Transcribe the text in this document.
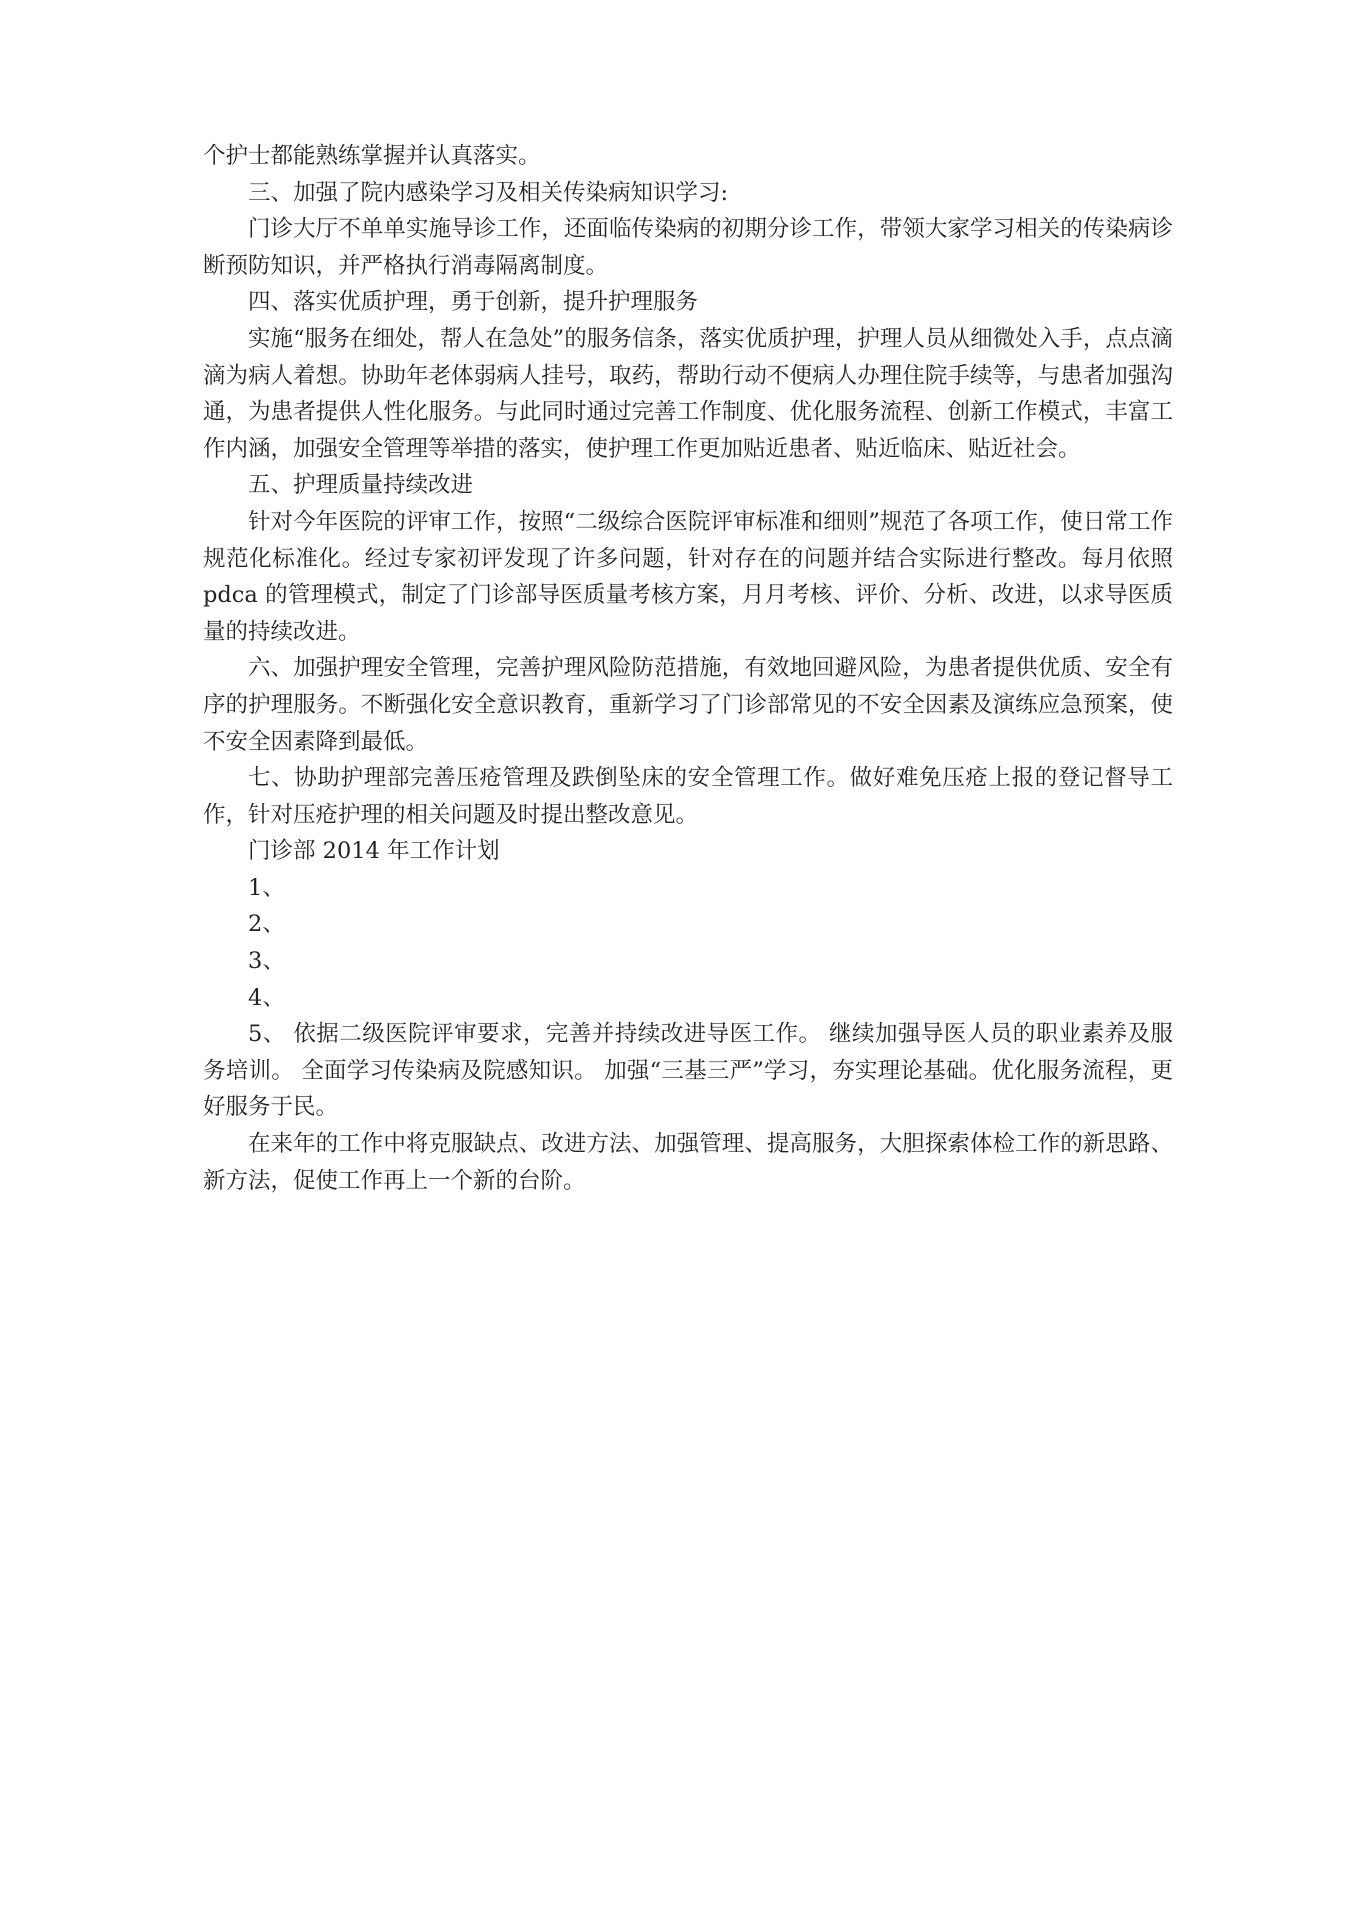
个护士都能熟练掌握并认真落实。

三、加强了院内感染学习及相关传染病知识学习:

门诊大厅不单单实施导诊工作，还面临传染病的初期分诊工作，带领大家学习相关的传染病诊断预防知识，并严格执行消毒隔离制度。

四、落实优质护理，勇于创新，提升护理服务

实施“服务在细处，帮人在急处”的服务信条，落实优质护理，护理人员从细微处入手，点点滴滴为病人着想。协助年老体弱病人挂号，取药，帮助行动不便病人办理住院手续等，与患者加强沟通，为患者提供人性化服务。与此同时通过完善工作制度、优化服务流程、创新工作模式，丰富工作内涵，加强安全管理等举措的落实，使护理工作更加贴近患者、贴近临床、贴近社会。

五、护理质量持续改进

针对今年医院的评审工作，按照“二级综合医院评审标准和细则”规范了各项工作，使日常工作规范化标准化。经过专家初评发现了许多问题，针对存在的问题并结合实际进行整改。每月依照 pdca 的管理模式，制定了门诊部导医质量考核方案，月月考核、评价、分析、改进，以求导医质量的持续改进。

六、加强护理安全管理，完善护理风险防范措施，有效地回避风险，为患者提供优质、安全有序的护理服务。不断强化安全意识教育，重新学习了门诊部常见的不安全因素及演练应急预案，使不安全因素降到最低。

七、协助护理部完善压疮管理及跌倒坠床的安全管理工作。做好难免压疮上报的登记督导工作，针对压疮护理的相关问题及时提出整改意见。

门诊部 2014 年工作计划

1、

2、

3、

4、

5、 依据二级医院评审要求，完善并持续改进导医工作。 继续加强导医人员的职业素养及服务培训。 全面学习传染病及院感知识。 加强“三基三严”学习，夯实理论基础。优化服务流程，更好服务于民。

在来年的工作中将克服缺点、改进方法、加强管理、提高服务，大胆探索体检工作的新思路、新方法，促使工作再上一个新的台阶。
